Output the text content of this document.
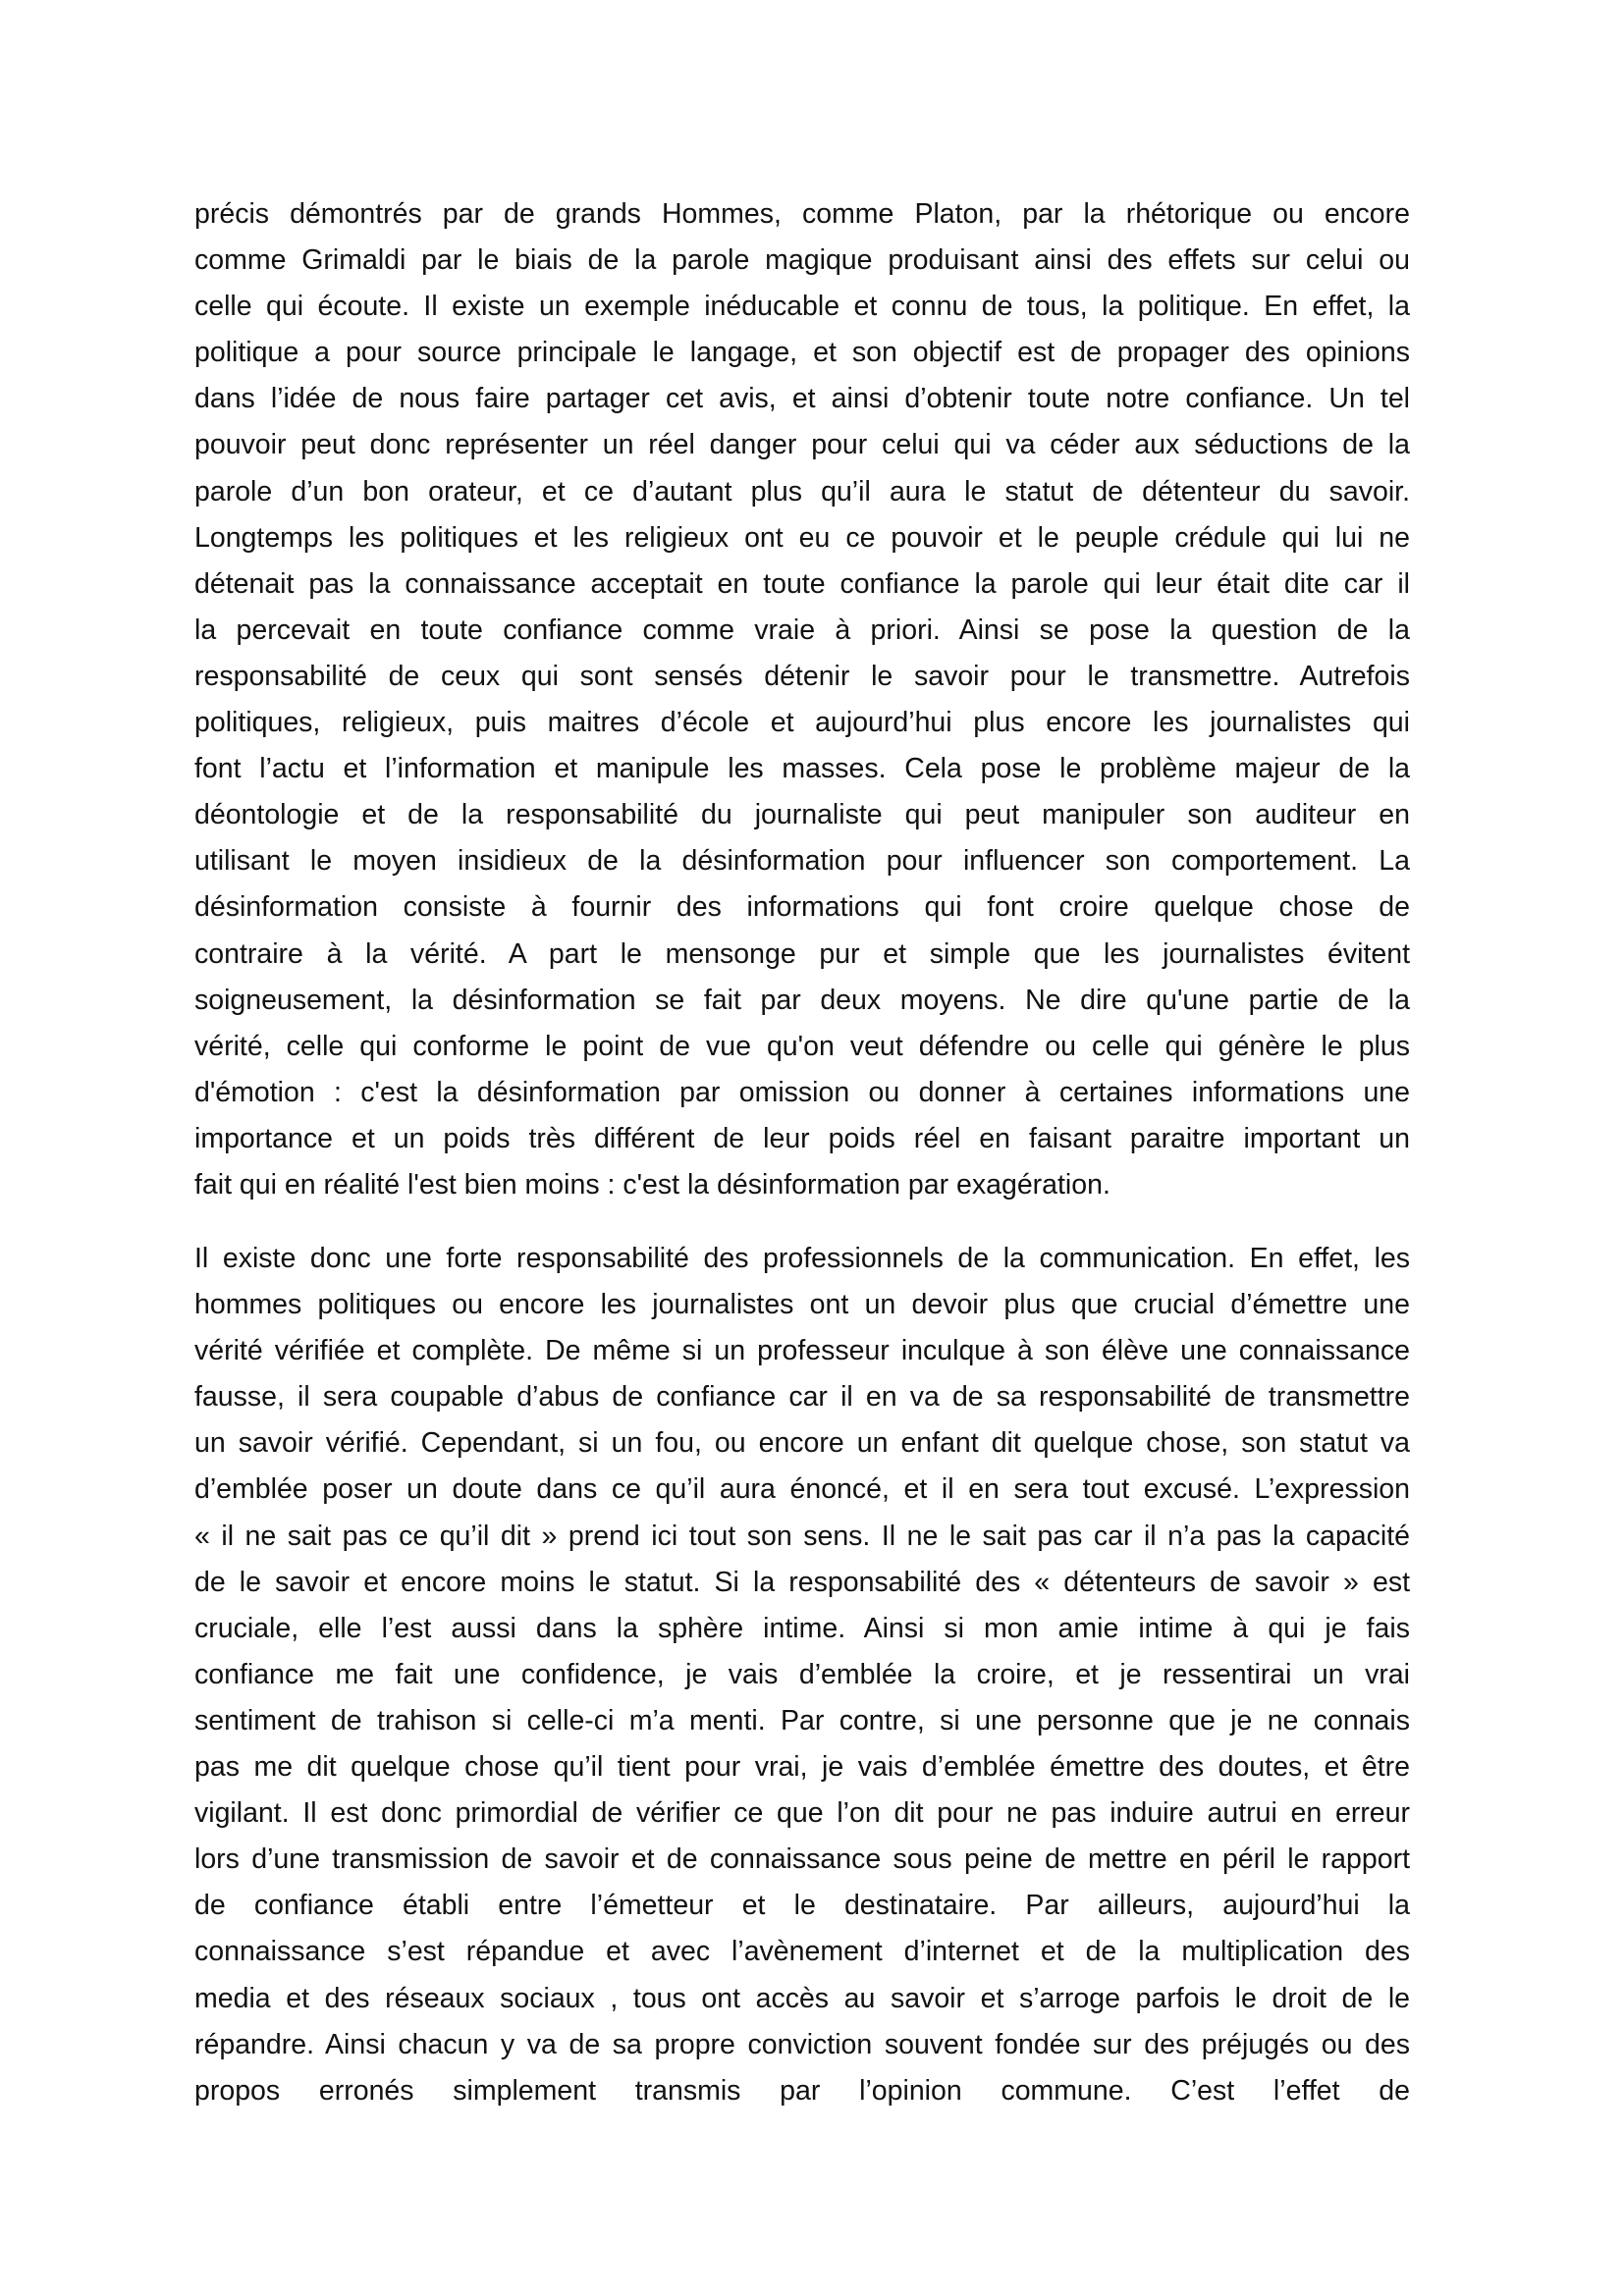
précis démontrés par de grands Hommes, comme Platon, par la rhétorique ou encore
comme Grimaldi par le biais de la parole magique produisant ainsi des effets sur celui ou
celle qui écoute. Il existe un exemple inéducable et connu de tous, la politique. En effet, la
politique a pour source principale le langage, et son objectif est de propager des opinions
dans l’idée de nous faire partager cet avis, et ainsi d’obtenir toute notre confiance. Un tel
pouvoir peut donc représenter un réel danger pour celui qui va céder aux séductions de la
parole d’un bon orateur, et ce d’autant plus qu’il aura le statut de détenteur du savoir.
Longtemps les politiques et les religieux ont eu ce pouvoir et le peuple crédule qui lui ne
détenait pas la connaissance acceptait en toute confiance la parole qui leur était dite car il
la percevait en toute confiance comme vraie à priori. Ainsi se pose la question de la
responsabilité de ceux qui sont sensés détenir le savoir pour le transmettre. Autrefois
politiques, religieux, puis maitres d’école et aujourd’hui plus encore les journalistes qui
font l’actu et l’information et manipule les masses. Cela pose le problème majeur de la
déontologie et de la responsabilité du journaliste qui peut manipuler son auditeur en
utilisant le moyen insidieux de la désinformation pour influencer son comportement. La
désinformation consiste à fournir des informations qui font croire quelque chose de
contraire à la vérité. A part le mensonge pur et simple que les journalistes évitent
soigneusement, la désinformation se fait par deux moyens. Ne dire qu'une partie de la
vérité, celle qui conforme le point de vue qu'on veut défendre ou celle qui génère le plus
d'émotion : c'est la désinformation par omission ou donner à certaines informations une
importance et un poids très différent de leur poids réel en faisant paraitre important un
fait qui en réalité l'est bien moins : c'est la désinformation par exagération.
Il existe donc une forte responsabilité des professionnels de la communication. En effet, les
hommes politiques ou encore les journalistes ont un devoir plus que crucial d’émettre une
vérité vérifiée et complète. De même si un professeur inculque à son élève une connaissance
fausse, il sera coupable d’abus de confiance car il en va de sa responsabilité de transmettre
un savoir vérifié. Cependant, si un fou, ou encore un enfant dit quelque chose, son statut va
d’emblée poser un doute dans ce qu’il aura énoncé, et il en sera tout excusé. L’expression
« il ne sait pas ce qu’il dit » prend ici tout son sens. Il ne le sait pas car il n’a pas la capacité
de le savoir et encore moins le statut. Si la responsabilité des « détenteurs de savoir » est
cruciale, elle l’est aussi dans la sphère intime. Ainsi si mon amie intime à qui je fais
confiance me fait une confidence, je vais d’emblée la croire, et je ressentirai un vrai
sentiment de trahison si celle-ci m’a menti. Par contre, si une personne que je ne connais
pas me dit quelque chose qu’il tient pour vrai, je vais d’emblée émettre des doutes, et être
vigilant. Il est donc primordial de vérifier ce que l’on dit pour ne pas induire autrui en erreur
lors d’une transmission de savoir et de connaissance sous peine de mettre en péril le rapport
de confiance établi entre l’émetteur et le destinataire. Par ailleurs, aujourd’hui la
connaissance s’est répandue et avec l’avènement d’internet et de la multiplication des
media et des réseaux sociaux , tous ont accès au savoir et s’arroge parfois le droit de le
répandre. Ainsi chacun y va de sa propre conviction souvent fondée sur des préjugés ou des
propos erronés simplement transmis par l’opinion commune. C’est l’effet de
